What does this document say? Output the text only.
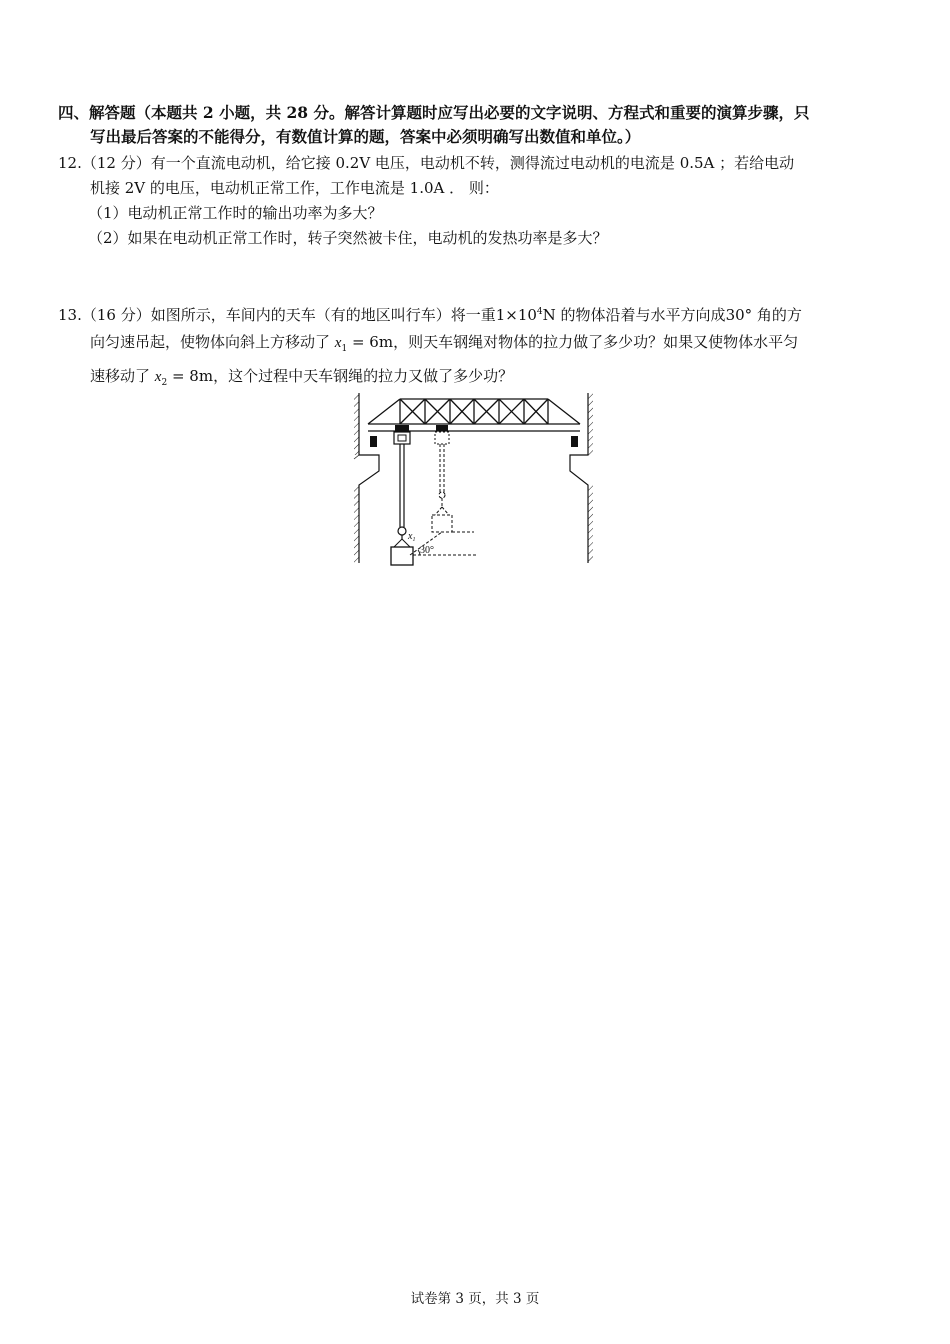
四、解答题（本题共 2 小题，共 28 分。解答计算题时应写出必要的文字说明、方程式和重要的演算步骤，只
写出最后答案的不能得分，有数值计算的题，答案中必须明确写出数值和单位。）
12.（12 分）有一个直流电动机，给它接 0.2V 电压，电动机不转，测得流过电动机的电流是 0.5A ；若给电动
机接 2V 的电压，电动机正常工作，工作电流是 1.0A ． 则：
（1）电动机正常工作时的输出功率为多大？
（2）如果在电动机正常工作时，转子突然被卡住，电动机的发热功率是多大？
13.（16 分）如图所示，车间内的天车（有的地区叫行车）将一重$1\times 10^4N$ 的物体沿着与水平方向成30° 角的方
向匀速吊起，使物体向斜上方移动了 $x_1 = 6m$，则天车钢绳对物体的拉力做了多少功？如果又使物体水平匀
速移动了 $x_2 = 8m$，这个过程中天车钢绳的拉力又做了多少功？
$x_1$
30°
试卷第 3 页，共 3 页
